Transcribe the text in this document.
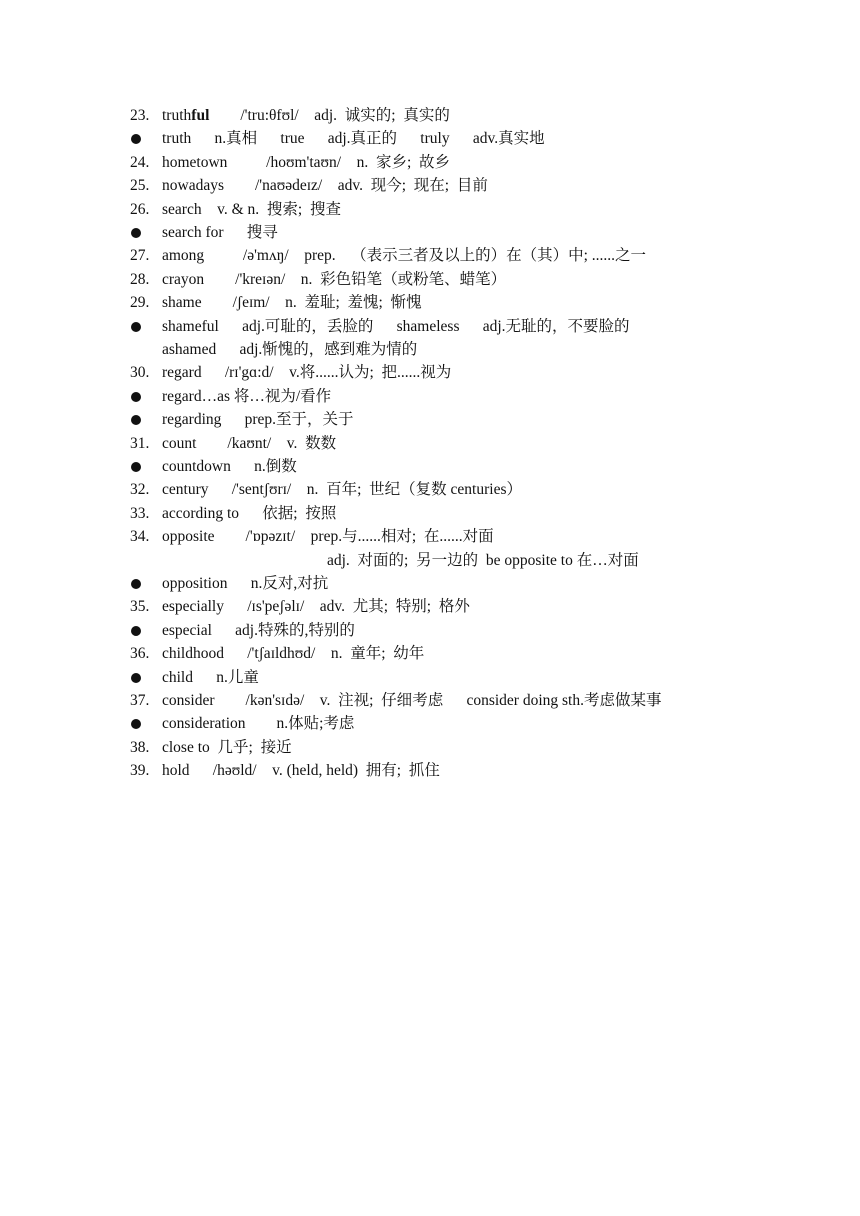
23. truthful        /'tru:θfʊl/    adj.  诚实的;  真实的
truth      n.真相      true      adj.真正的      truly      adv.真实地
24. hometown          /hoʊm'taʊn/    n.  家乡;  故乡
25. nowadays        /'naʊədeɪz/    adv.  现今;  现在;  目前
26. search    v. & n.  搜索;  搜查
search for      搜寻
27. among          /ə'mʌŋ/    prep.    （表示三者及以上的）在（其）中; ......之一
28. crayon        /'kreɪən/    n.  彩色铅笔（或粉笔、蜡笔）
29. shame        /ʃeɪm/    n.  羞耻;  羞愧;  惭愧
shameful      adj.可耻的，丢脸的      shameless      adj.无耻的，不要脸的
ashamed      adj.惭愧的，感到难为情的
30. regard      /rɪ'gɑ:d/    v.将......认为;  把......视为
regard…as 将…视为/看作
regarding      prep.至于，关于
31. count        /kaʊnt/    v.  数数
countdown      n.倒数
32. century      /'sentʃʊrɪ/    n.  百年;  世纪（复数 centuries）
33. according to      依据;  按照
34. opposite        /'ɒpəzɪt/    prep.与......相对;  在......对面
adj.  对面的;  另一边的  be opposite to 在…对面
opposition      n.反对,对抗
35. especially      /ɪs'peʃəlɪ/    adv.  尤其;  特别;  格外
especial      adj.特殊的,特别的
36. childhood      /'tʃaɪldhʊd/    n.  童年;  幼年
child      n.儿童
37. consider        /kən'sɪdə/    v.  注视;  仔细考虑      consider doing sth.考虑做某事
consideration        n.体贴;考虑
38. close to  几乎;  接近
39. hold      /həʊld/    v. (held, held)  拥有;  抓住
